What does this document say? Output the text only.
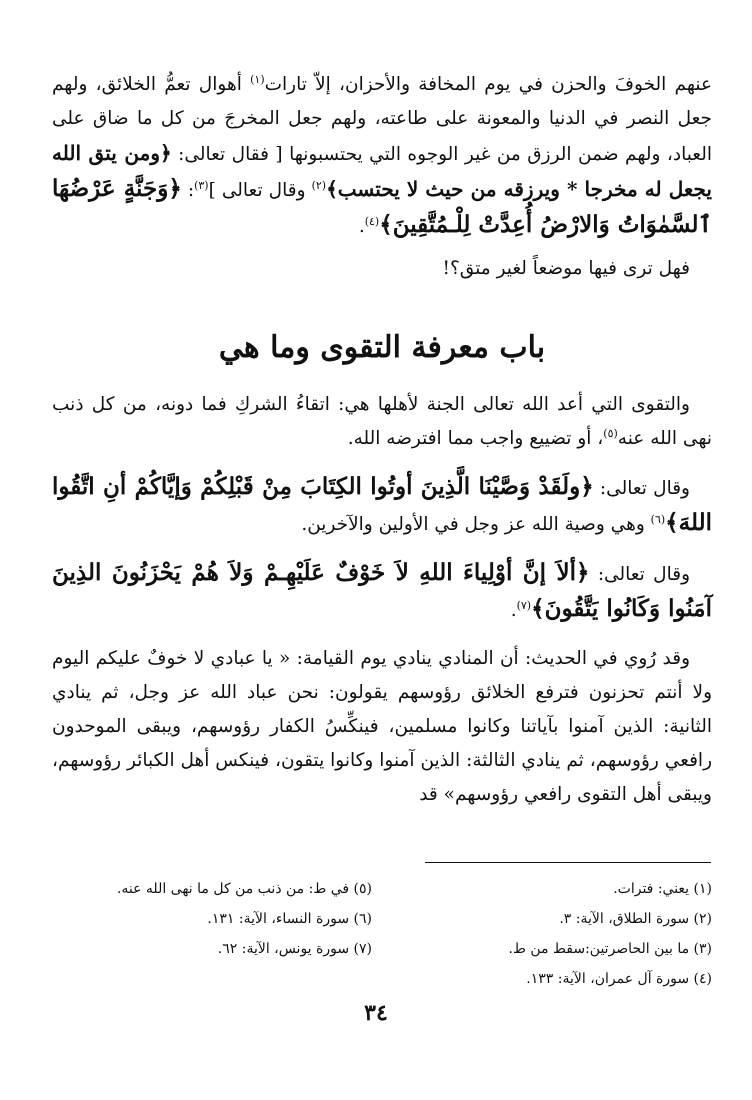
عنهم الخوفَ والحزن في يوم المخافة والأحزان، إلاّ تارات$^{(١)}$ أهوال تعمُّ الخلائق، ولهم جعل النصر في الدنيا والمعونة على طاعته، ولهم جعل المخرجَ من كل ما ضاق على العباد، ولهم ضمن الرزق من غير الوجوه التي يحتسبونها [ فقال تعالى: ﴿ومن يتق الله يجعل له مخرجا * ويرزقه من حيث لا يحتسب﴾$^{(٢)}$ وقال تعالى ]$^{(٣)}$: ﴿وَجَنَّةٍ عَرْضُهَا ٱلسَّمٰوَاتُ وَالارْضُ أُعِدَّتْ لِلْـمُتَّقِينَ﴾$^{(٤)}$.

فهل ترى فيها موضعاً لغير متق؟!

باب معرفة التقوى وما هي

والتقوى التي أعد الله تعالى الجنة لأهلها هي: اتقاءُ الشركِ فما دونه، من كل ذنب نهى الله عنه$^{(٥)}$، أو تضييع واجب مما افترضه الله.

وقال تعالى: ﴿ولَقَدْ وَصَّيْنَا الَّذِينَ أوتُوا الكِتَابَ مِنْ قَبْلِكُمْ وَإيَّاكُمْ أنِ اتَّقُوا اللهَ﴾$^{(٦)}$ وهي وصية الله عز وجل في الأولين والآخرين.

وقال تعالى: ﴿ألاَ إنَّ أوْلِياءَ اللهِ لاَ خَوْفٌ عَلَيْهِـمْ وَلاَ هُمْ يَحْزَنُونَ الذِينَ آمَنُوا وَكَانُوا يَتَّقُونَ﴾$^{(٧)}$.

وقد رُوي في الحديث: أن المنادي ينادي يوم القيامة: « يا عبادي لا خوفٌ عليكم اليوم ولا أنتم تحزنون فترفع الخلائق رؤوسهم يقولون: نحن عباد الله عز وجل، ثم ينادي الثانية: الذين آمنوا بآياتنا وكانوا مسلمين، فينكِّسُ الكفار رؤوسهم، ويبقى الموحدون رافعي رؤوسهم، ثم ينادي الثالثة: الذين آمنوا وكانوا يتقون، فينكس أهل الكبائر رؤوسهم، ويبقى أهل التقوى رافعي رؤوسهم» قد

(١) يعني: فترات.
(٢) سورة الطلاق، الآية: ٣.
(٣) ما بين الحاصرتين:سقط من ط.
(٤) سورة آل عمران، الآية: ١٣٣.
(٥) في ط: من ذنب من كل ما نهى الله عنه.
(٦) سورة النساء، الآية: ١٣١.
(٧) سورة يونس، الآية: ٦٢.
٣٤
